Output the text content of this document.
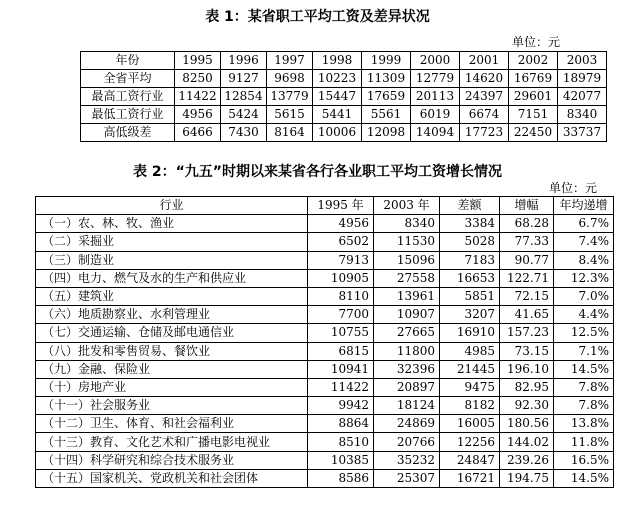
表 1：某省职工平均工资及差异状况
单位：元
年份	1995	1996	1997	1998	1999	2000	2001	2002	2003
全省平均	8250	9127	9698	10223	11309	12779	14620	16769	18979
最高工资行业	11422	12854	13779	15447	17659	20113	24397	29601	42077
最低工资行业	4956	5424	5615	5441	5561	6019	6674	7151	8340
高低级差	6466	7430	8164	10006	12098	14094	17723	22450	33737
表 2：“九五”时期以来某省各行各业职工平均工资增长情况
单位：元
行业	1995 年	2003 年	差额	增幅	年均递增
（一）农、林、牧、渔业	4956	8340	3384	68.28	6.7%
（二）采掘业	6502	11530	5028	77.33	7.4%
（三）制造业	7913	15096	7183	90.77	8.4%
（四）电力、燃气及水的生产和供应业	10905	27558	16653	122.71	12.3%
（五）建筑业	8110	13961	5851	72.15	7.0%
（六）地质勘察业、水利管理业	7700	10907	3207	41.65	4.4%
（七）交通运输、仓储及邮电通信业	10755	27665	16910	157.23	12.5%
（八）批发和零售贸易、餐饮业	6815	11800	4985	73.15	7.1%
（九）金融、保险业	10941	32396	21445	196.10	14.5%
（十）房地产业	11422	20897	9475	82.95	7.8%
（十一）社会服务业	9942	18124	8182	92.30	7.8%
（十二）卫生、体育、和社会福利业	8864	24869	16005	180.56	13.8%
（十三）教育、文化艺术和广播电影电视业	8510	20766	12256	144.02	11.8%
（十四）科学研究和综合技术服务业	10385	35232	24847	239.26	16.5%
（十五）国家机关、党政机关和社会团体	8586	25307	16721	194.75	14.5%
